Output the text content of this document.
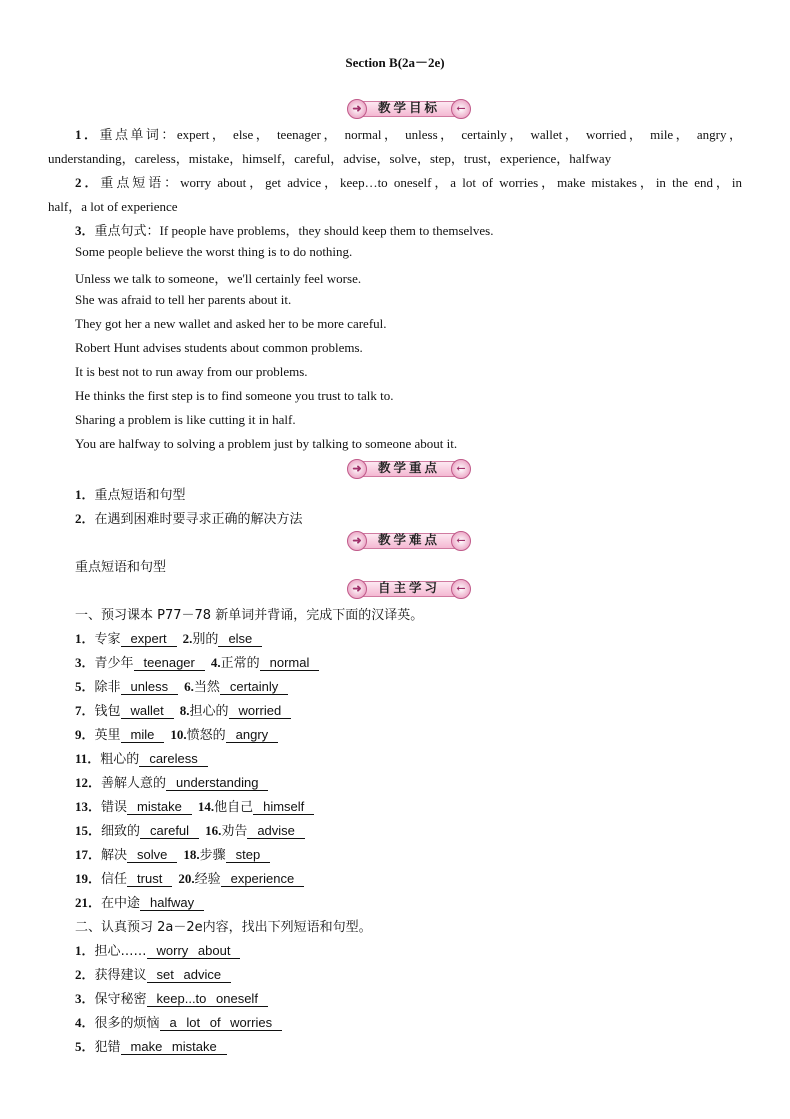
Section B(2a－2e)
➜	教学目标	←
1．重点单词：expert， else， teenager， normal， unless， certainly， wallet， worried， mile， angry，
understanding，careless，mistake，himself，careful，advise，solve，step，trust，experience，halfway
2．重点短语：worry about，get advice，keep…to oneself，a lot of worries，make mistakes，in the end，in
half，a lot of experience
3．重点句式：If people have problems，they should keep them to themselves.
Some people believe the worst thing is to do nothing.
Unless we talk to someone，we'll certainly feel worse.
She was afraid to tell her parents about it.
They got her a new wallet and asked her to be more careful.
Robert Hunt advises students about common problems.
It is best not to run away from our problems.
He thinks the first step is to find someone you trust to talk to.
Sharing a problem is like cutting it in half.
You are halfway to solving a problem just by talking to someone about it.
➜	教学重点	←
1．重点短语和句型
2．在遇到困难时要寻求正确的解决方法
➜	教学难点	←
重点短语和句型
➜	自主学习	←
一、预习课本 P77－78 新单词并背诵，完成下面的汉译英。
1．专家 expert 2.别的 else
3．青少年 teenager 4.正常的 normal
5．除非 unless 6.当然 certainly
7．钱包 wallet 8.担心的 worried
9．英里 mile 10.愤怒的 angry
11．粗心的 careless
12．善解人意的 understanding
13．错误 mistake 14.他自己 himself
15．细致的 careful 16.劝告 advise
17．解决 solve 18.步骤 step
19．信任 trust 20.经验 experience
21．在中途 halfway
二、认真预习 2a－2e内容，找出下列短语和句型。
1．担心…… worry about
2．获得建议 set advice
3．保守秘密 keep...to oneself
4．很多的烦恼 a lot of worries
5．犯错 make mistake
